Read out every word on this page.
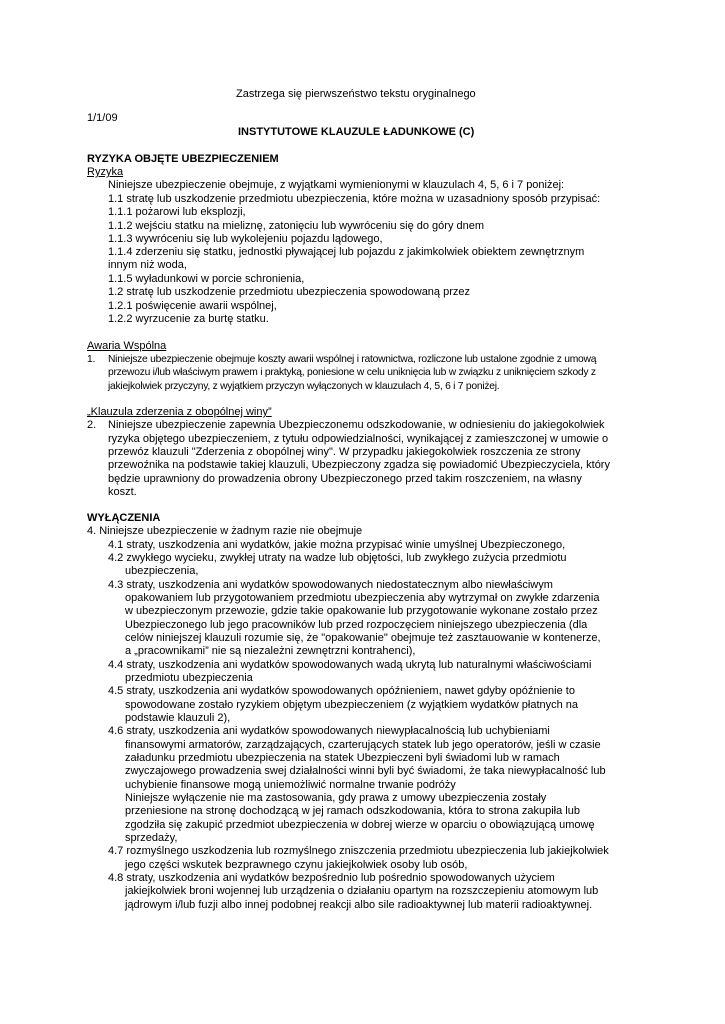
Zastrzega się pierwszeństwo tekstu oryginalnego
1/1/09
INSTYTUTOWE KLAUZULE ŁADUNKOWE (C)
RYZYKA OBJĘTE UBEZPIECZENIEM
Ryzyka
Niniejsze ubezpieczenie obejmuje, z wyjątkami wymienionymi w klauzulach 4, 5, 6 i 7 poniżej:
1.1 stratę lub uszkodzenie przedmiotu ubezpieczenia, które można w uzasadniony sposób przypisać:
1.1.1 pożarowi lub eksplozji,
1.1.2 wejściu statku na mieliznę, zatonięciu lub wywróceniu się do góry dnem
1.1.3 wywróceniu się lub wykolejeniu pojazdu lądowego,
1.1.4 zderzeniu się statku, jednostki pływającej lub pojazdu z jakimkolwiek obiektem zewnętrznym
innym niż woda,
1.1.5 wyładunkowi w porcie schronienia,
1.2 stratę lub uszkodzenie przedmiotu ubezpieczenia spowodowaną przez
1.2.1 poświęcenie awarii wspólnej,
1.2.2 wyrzucenie za burtę statku.
Awaria Wspólna
1. Niniejsze ubezpieczenie obejmuje koszty awarii wspólnej i ratownictwa, rozliczone lub ustalone zgodnie z umową
przewozu i/lub właściwym prawem i praktyką, poniesione w celu uniknięcia lub w związku z uniknięciem szkody z
jakiejkolwiek przyczyny, z wyjątkiem przyczyn wyłączonych w klauzulach 4, 5, 6 i 7 poniżej.
„Klauzula zderzenia z obopólnej winy”
2. Niniejsze ubezpieczenie zapewnia Ubezpieczonemu odszkodowanie, w odniesieniu do jakiegokolwiek
ryzyka objętego ubezpieczeniem, z tytułu odpowiedzialności, wynikającej z zamieszczonej w umowie o
przewóz klauzuli "Zderzenia z obopólnej winy". W przypadku jakiegokolwiek roszczenia ze strony
przewoźnika na podstawie takiej klauzuli, Ubezpieczony zgadza się powiadomić Ubezpieczyciela, który
będzie uprawniony do prowadzenia obrony Ubezpieczonego przed takim roszczeniem, na własny
koszt.
WYŁĄCZENIA
4. Niniejsze ubezpieczenie w żadnym razie nie obejmuje
4.1 straty, uszkodzenia ani wydatków, jakie można przypisać winie umyślnej Ubezpieczonego,
4.2 zwykłego wycieku, zwykłej utraty na wadze lub objętości, lub zwykłego zużycia przedmiotu
ubezpieczenia,
4.3 straty, uszkodzenia ani wydatków spowodowanych niedostatecznym albo niewłaściwym
opakowaniem lub przygotowaniem przedmiotu ubezpieczenia aby wytrzymał on zwykłe zdarzenia
w ubezpieczonym przewozie, gdzie takie opakowanie lub przygotowanie wykonane zostało przez
Ubezpieczonego lub jego pracowników lub przed rozpoczęciem niniejszego ubezpieczenia (dla
celów niniejszej klauzuli rozumie się, że "opakowanie" obejmuje też zasztauowanie w kontenerze,
a „pracownikami” nie są niezależni zewnętrzni kontrahenci),
4.4 straty, uszkodzenia ani wydatków spowodowanych wadą ukrytą lub naturalnymi właściwościami
przedmiotu ubezpieczenia
4.5 straty, uszkodzenia ani wydatków spowodowanych opóźnieniem, nawet gdyby opóźnienie to
spowodowane zostało ryzykiem objętym ubezpieczeniem (z wyjątkiem wydatków płatnych na
podstawie klauzuli 2),
4.6 straty, uszkodzenia ani wydatków spowodowanych niewypłacalnością lub uchybieniami
finansowymi armatorów, zarządzających, czarterujących statek lub jego operatorów, jeśli w czasie
załadunku przedmiotu ubezpieczenia na statek Ubezpieczeni byli świadomi lub w ramach
zwyczajowego prowadzenia swej działalności winni byli być świadomi, że taka niewypłacalność lub
uchybienie finansowe mogą uniemożliwić normalne trwanie podróży
Niniejsze wyłączenie nie ma zastosowania, gdy prawa z umowy ubezpieczenia zostały
przeniesione na stronę dochodzącą w jej ramach odszkodowania, która to strona zakupiła lub
zgodziła się zakupić przedmiot ubezpieczenia w dobrej wierze w oparciu o obowiązującą umowę
sprzedaży,
4.7 rozmyślnego uszkodzenia lub rozmyślnego zniszczenia przedmiotu ubezpieczenia lub jakiejkolwiek
jego części wskutek bezprawnego czynu jakiejkolwiek osoby lub osób,
4.8 straty, uszkodzenia ani wydatków bezpośrednio lub pośrednio spowodowanych użyciem
jakiejkolwiek broni wojennej lub urządzenia o działaniu opartym na rozszczepieniu atomowym lub
jądrowym i/lub fuzji albo innej podobnej reakcji albo sile radioaktywnej lub materii radioaktywnej.
